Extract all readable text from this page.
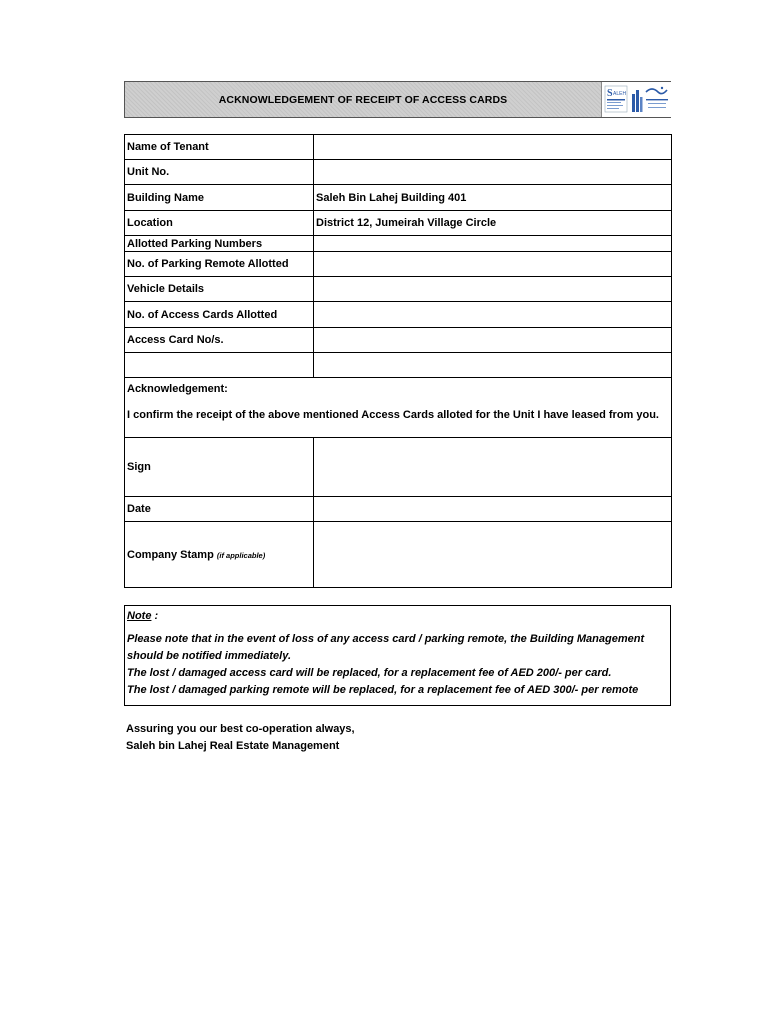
ACKNOWLEDGEMENT OF RECEIPT OF ACCESS CARDS
S ALEH
Name of Tenant	
Unit No.	
Building Name	Saleh Bin Lahej Building 401
Location	District 12, Jumeirah Village Circle
Allotted Parking Numbers	
No. of Parking Remote Allotted	
Vehicle Details	
No. of Access Cards Allotted	
Access Card No/s.	

Acknowledgement:
I confirm the receipt of the above mentioned Access Cards alloted for the Unit I have leased from you.	

Sign	
Date	
Company Stamp (if applicable)	
Note :
Please note that in the event of loss of any access card / parking remote, the Building Management
should be notified immediately.
The lost / damaged access card will be replaced, for a replacement fee of AED 200/- per card.
The lost / damaged parking remote will be replaced, for a replacement fee of AED 300/- per remote
Assuring you our best co-operation always,
Saleh bin Lahej Real Estate Management
